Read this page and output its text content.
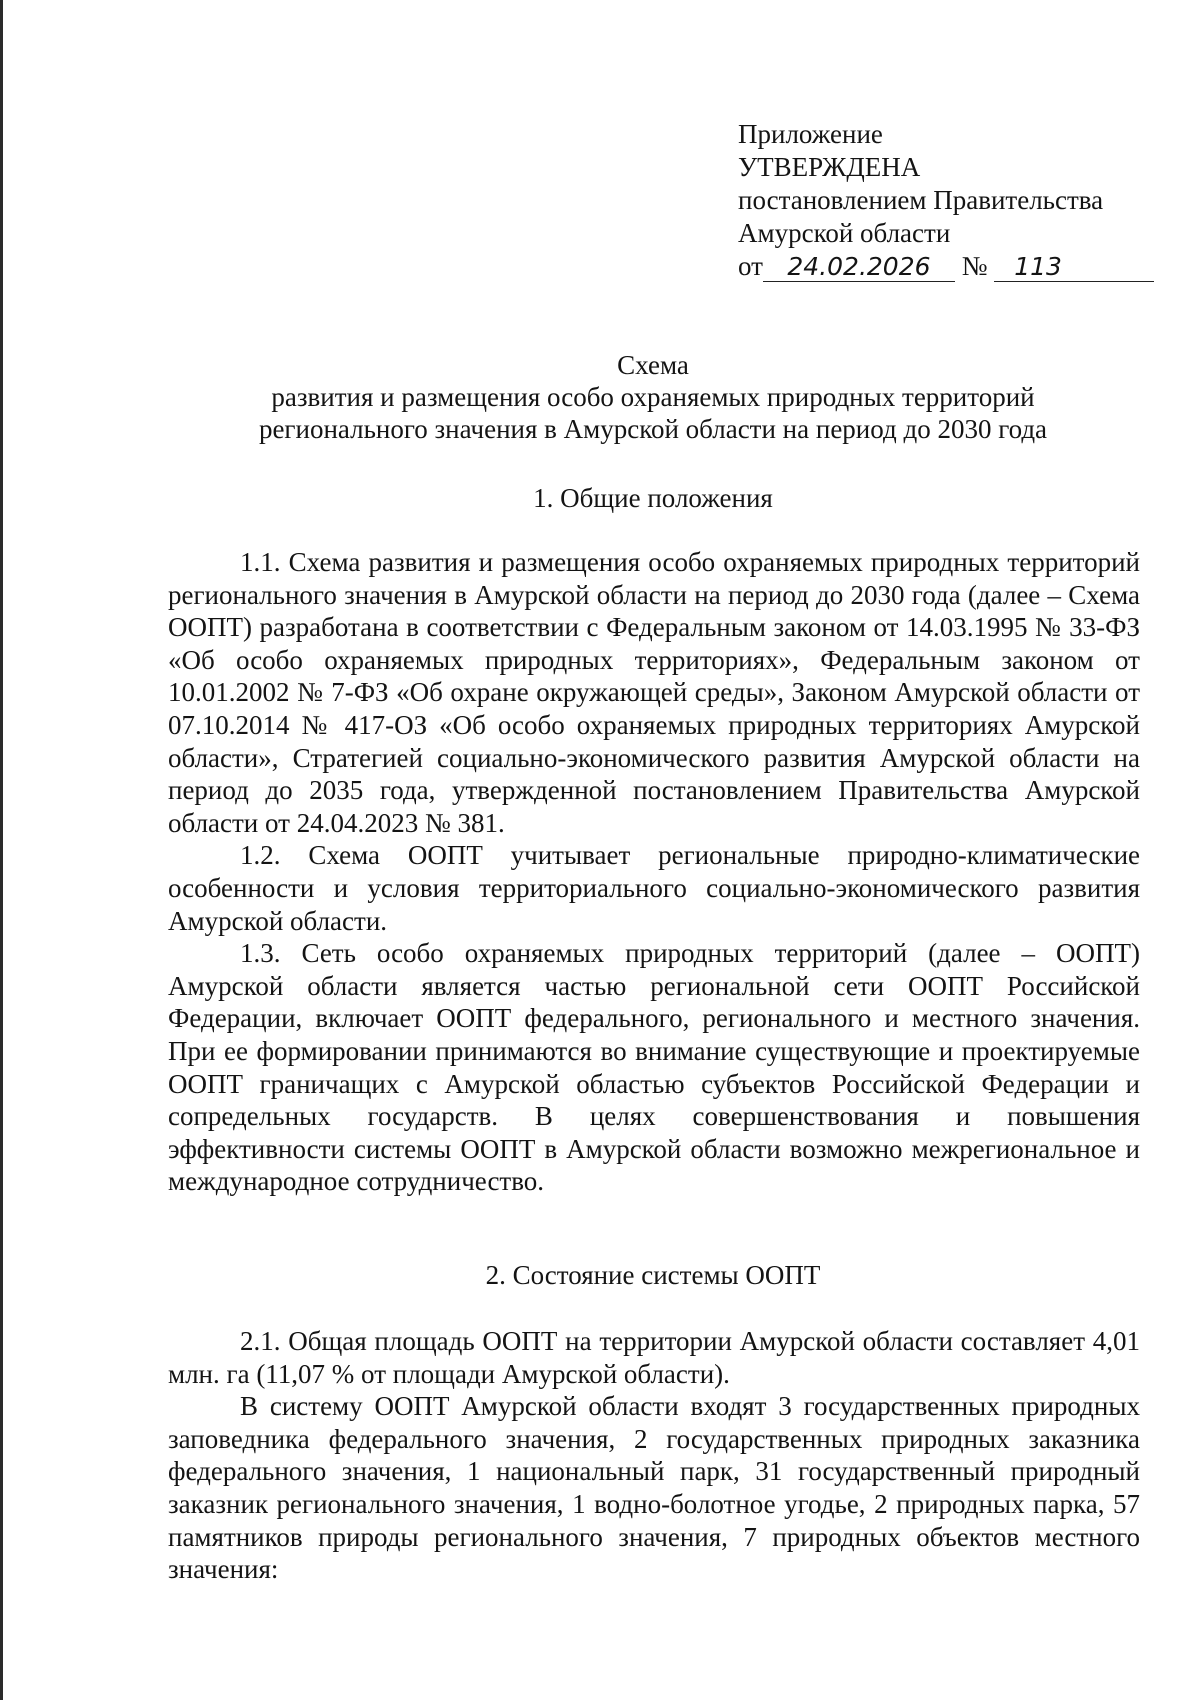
Приложение
УТВЕРЖДЕНА
постановлением Правительства
Амурской области
от 24.02.2026 № 113
Схема
развития и размещения особо охраняемых природных территорий
регионального значения в Амурской области на период до 2030 года
1. Общие положения

1.1. Схема развития и размещения особо охраняемых природных территорий регионального значения в Амурской области на период до 2030 года (далее – Схема ООПТ) разработана в соответствии с Федеральным законом от 14.03.1995 № 33-ФЗ «Об особо охраняемых природных территориях», Федеральным законом от 10.01.2002 № 7-ФЗ «Об охране окружающей среды», Законом Амурской области от 07.10.2014 № 417-ОЗ «Об особо охраняемых природных территориях Амурской области», Стратегией социально-экономического развития Амурской области на период до 2035 года, утвержденной постановлением Правительства Амурской области от 24.04.2023 № 381.

1.2. Схема ООПТ учитывает региональные природно-климатические особенности и условия территориального социально-экономического развития Амурской области.

1.3. Сеть особо охраняемых природных территорий (далее – ООПТ) Амурской области является частью региональной сети ООПТ Российской Федерации, включает ООПТ федерального, регионального и местного значения. При ее формировании принимаются во внимание существующие и проектируемые ООПТ граничащих с Амурской областью субъектов Российской Федерации и сопредельных государств. В целях совершенствования и повышения эффективности системы ООПТ в Амурской области возможно межрегиональное и международное сотрудничество.

2. Состояние системы ООПТ

2.1. Общая площадь ООПТ на территории Амурской области составляет 4,01 млн. га (11,07 % от площади Амурской области).

В систему ООПТ Амурской области входят 3 государственных природных заповедника федерального значения, 2 государственных природных заказника федерального значения, 1 национальный парк, 31 государственный природный заказник регионального значения, 1 водно-болотное угодье, 2 природных парка, 57 памятников природы регионального значения, 7 природных объектов местного значения:
